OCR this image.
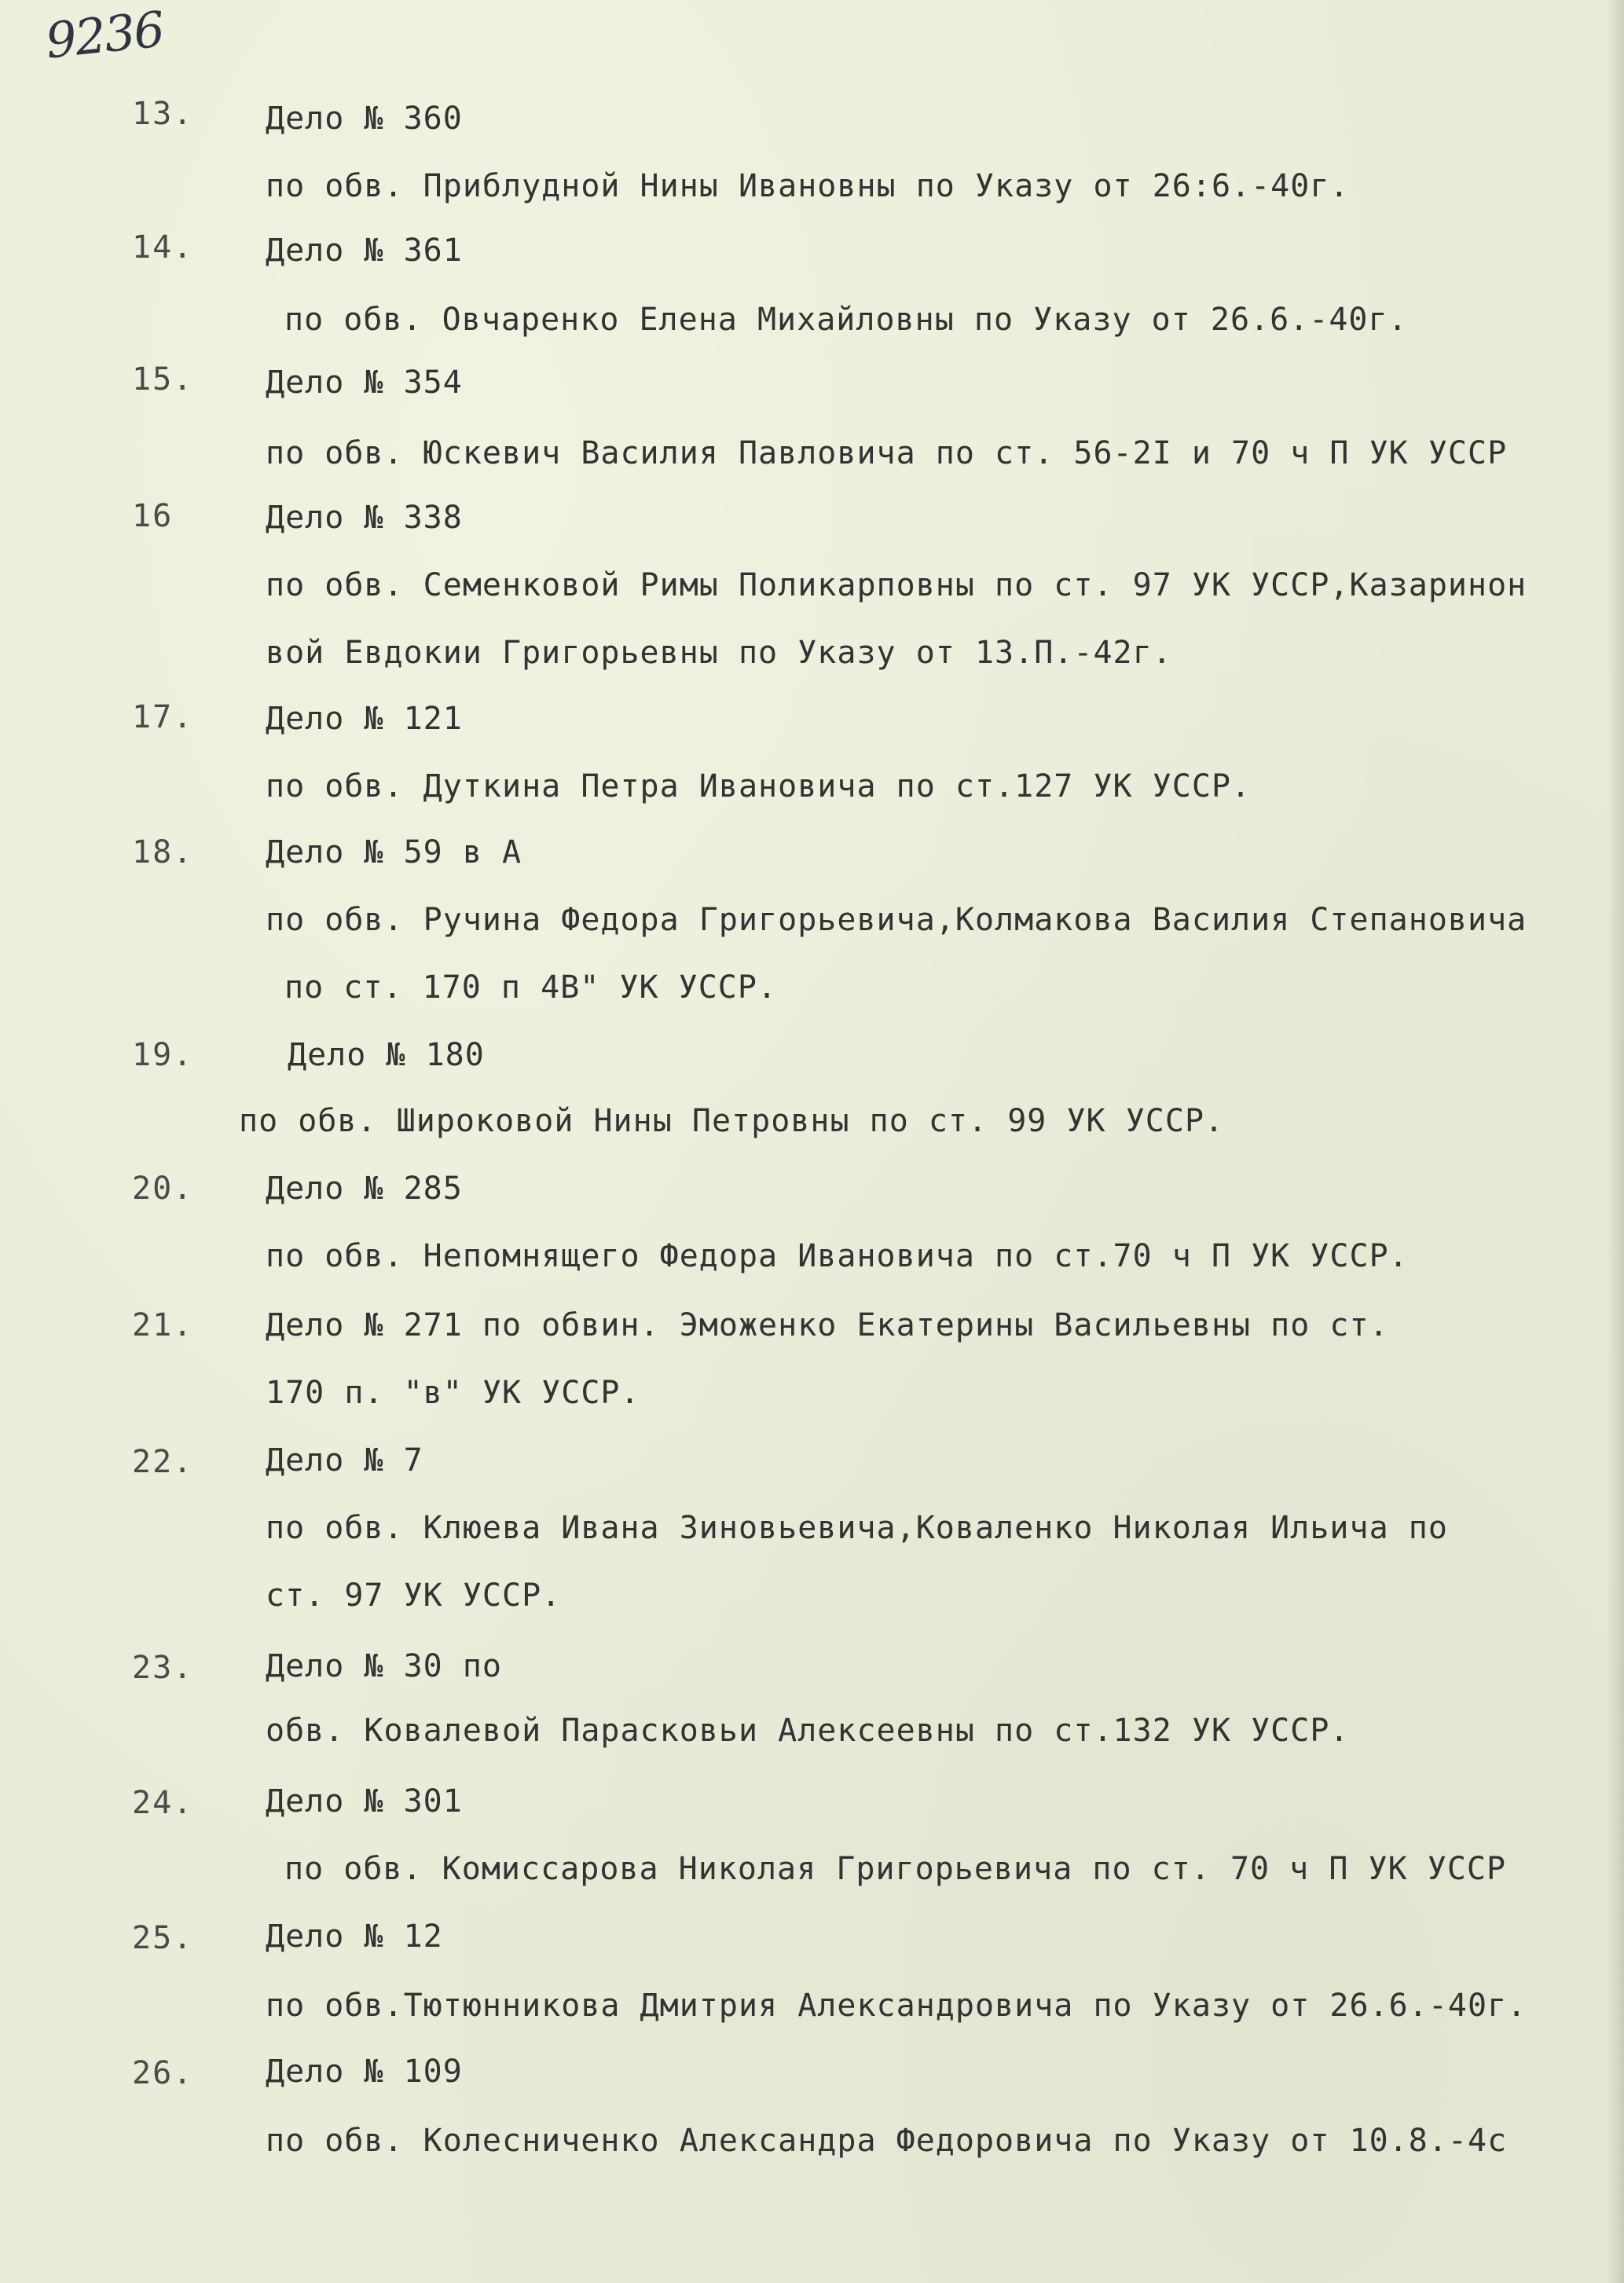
9236
13.	Дело № 360
по обв. Приблудной Нины Ивановны по Указу от 26:6.-40г.
14.	Дело № 361
по обв. Овчаренко Елена Михайловны по Указу от 26.6.-40г.
15.	Дело № 354
по обв. Юскевич Василия Павловича по ст. 56-2I и 70 ч П УК УССР
16	Дело № 338
по обв. Семенковой Римы Поликарповны по ст. 97 УК УССР,Казаринон
вой Евдокии Григорьевны по Указу от 13.П.-42г.
17.	Дело № 121
по обв. Дуткина Петра Ивановича по ст.127 УК УССР.
18.	Дело № 59 в А
по обв. Ручина Федора Григорьевича,Колмакова Василия Степановича
по ст. 170 п 4В" УК УССР.
19.	Дело № 180
по обв. Широковой Нины Петровны по ст. 99 УК УССР.
20.	Дело № 285
по обв. Непомнящего Федора Ивановича по ст.70 ч П УК УССР.
21.	Дело № 271 по обвин. Эможенко Екатерины Васильевны по ст.
170 п. "в" УК УССР.
22.	Дело № 7
по обв. Клюева Ивана Зиновьевича,Коваленко Николая Ильича по
ст. 97 УК УССР.
23.	Дело № 30 по
обв. Ковалевой Парасковьи Алексеевны по ст.132 УК УССР.
24.	Дело № 301
по обв. Комиссарова Николая Григорьевича по ст. 70 ч П УК УССР
25.	Дело № 12
по обв.Тютюнникова Дмитрия Александровича по Указу от 26.6.-40г.
26.	Дело № 109
по обв. Колесниченко Александра Федоровича по Указу от 10.8.-4с
